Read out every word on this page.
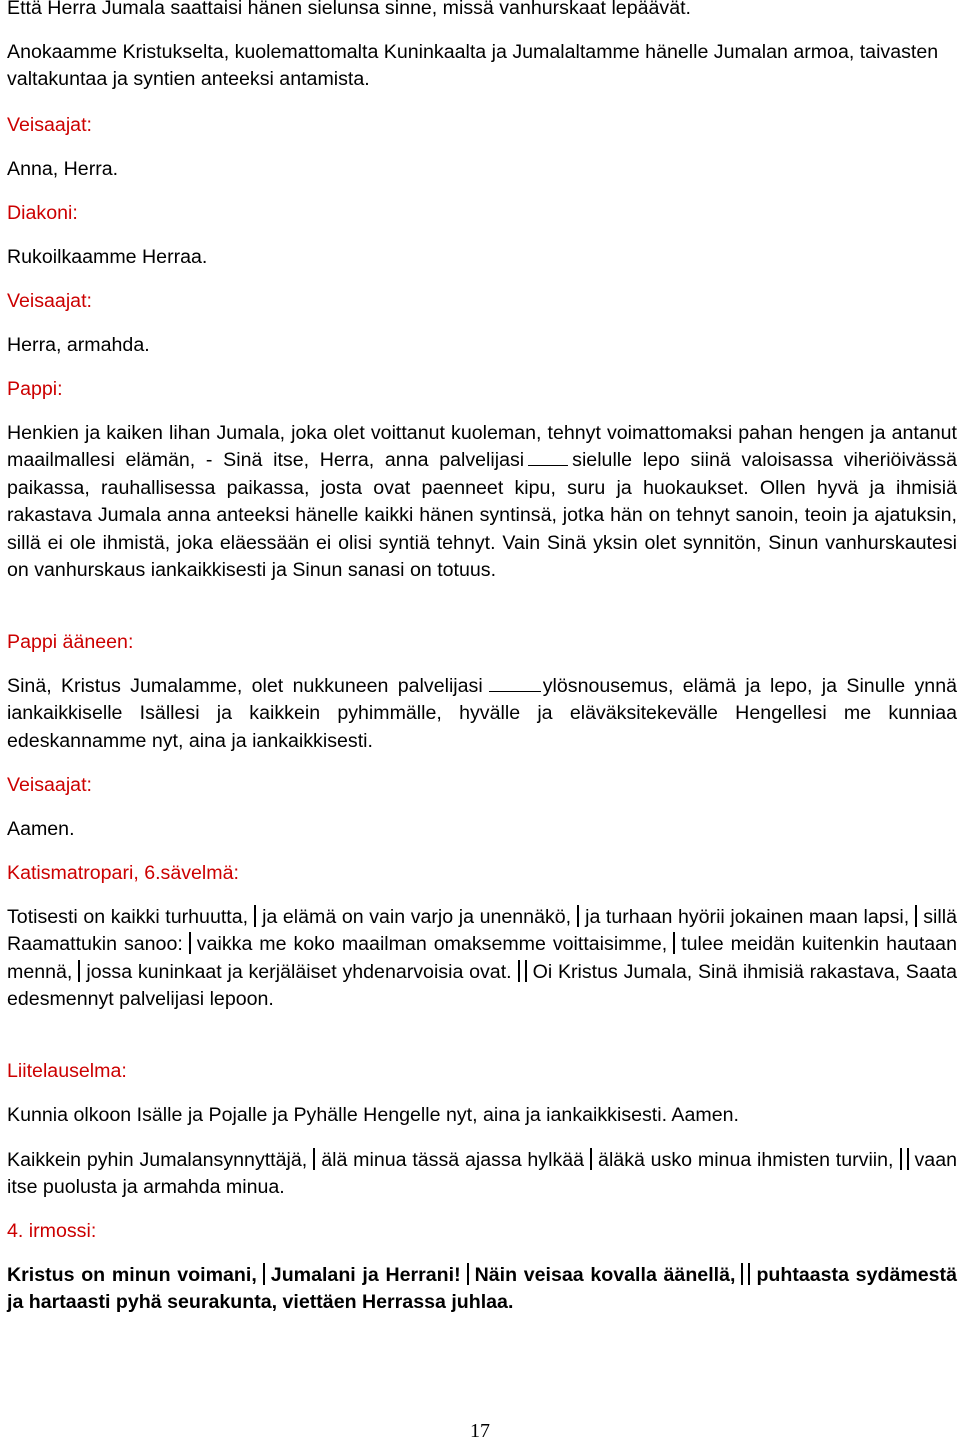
Että Herra Jumala saattaisi hänen sielunsa sinne, missä vanhurskaat lepäävät.

Anokaamme Kristukselta, kuolemattomalta Kuninkaalta ja Jumalaltamme hänelle Jumalan armoa, taivasten valtakuntaa ja syntien anteeksi antamista.

Veisaajat:

Anna, Herra.

Diakoni:

Rukoilkaamme Herraa.

Veisaajat:

Herra, armahda.

Pappi:

Henkien ja kaiken lihan Jumala, joka olet voittanut kuoleman, tehnyt voimattomaksi pahan hengen ja antanut maailmallesi elämän, - Sinä itse, Herra, anna palvelijasi sielulle lepo siinä valoisassa viheriöivässä paikassa, rauhallisessa paikassa, josta ovat paenneet kipu, suru ja huokaukset. Ollen hyvä ja ihmisiä rakastava Jumala anna anteeksi hänelle kaikki hänen syntinsä, jotka hän on tehnyt sanoin, teoin ja ajatuksin, sillä ei ole ihmistä, joka eläessään ei olisi syntiä tehnyt. Vain Sinä yksin olet synnitön, Sinun vanhurskautesi on vanhurskaus iankaikkisesti ja Sinun sanasi on totuus.

Pappi ääneen:

Sinä, Kristus Jumalamme, olet nukkuneen palvelijasi	ylösnousemus, elämä ja lepo, ja Sinulle ynnä iankaikkiselle Isällesi ja kaikkein pyhimmälle, hyvälle ja eläväksitekevälle Hengellesi me kunniaa edeskannamme nyt, aina ja iankaikkisesti.

Veisaajat:

Aamen.

Katismatropari, 6.sävelmä:

Totisesti on kaikki turhuutta, ja elämä on vain varjo ja unennäkö, ja turhaan hyörii jokainen maan lapsi, sillä Raamattukin sanoo: vaikka me koko maailman omaksemme voittaisimme, tulee meidän kuitenkin hautaan mennä, jossa kuninkaat ja kerjäläiset yhdenarvoisia ovat. Oi Kristus Jumala, Sinä ihmisiä rakastava, Saata edesmennyt palvelijasi lepoon.

Liitelauselma:

Kunnia olkoon Isälle ja Pojalle ja Pyhälle Hengelle nyt, aina ja iankaikkisesti. Aamen.

Kaikkein pyhin Jumalansynnyttäjä, älä minua tässä ajassa hylkää äläkä usko minua ihmisten turviin, vaan itse puolusta ja armahda minua.

4. irmossi:

Kristus on minun voimani, Jumalani ja Herrani! Näin veisaa kovalla äänellä, puhtaasta sydämestä ja hartaasti pyhä seurakunta, viettäen Herrassa juhlaa.

17
